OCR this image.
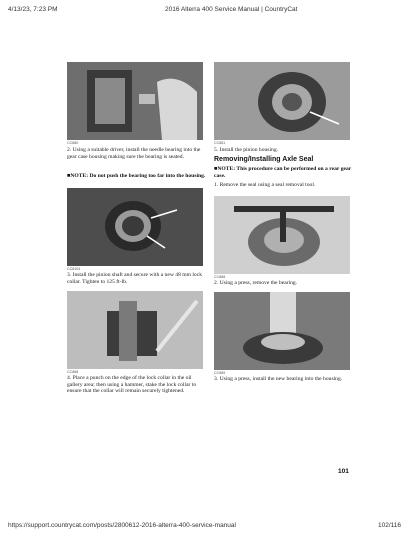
4/13/23, 7:23 PM	2016 Alterra 400 Service Manual | CountryCat
CC880
2. Using a suitable driver, install the needle bearing into the gear case housing making sure the bearing is seated.
■NOTE: Do not push the bearing too far into the housing.
CC8104
3. Install the pinion shaft and secure with a new 48 mm lock collar. Tighten to 125 ft-lb.
CC888
4. Place a punch on the edge of the lock collar in the oil gallery area; then using a hammer, stake the lock collar to ensure that the collar will remain securely tightened.
CC881
5. Install the pinion housing.
Removing/Installing Axle Seal
■NOTE: This procedure can be performed on a rear gear case.
1. Remove the seal using a seal removal tool.
CC888
2. Using a press, remove the bearing.
CC889
3. Using a press, install the new bearing into the housing.
101
https://support.countrycat.com/posts/2800612-2016-alterra-400-service-manual	102/116
